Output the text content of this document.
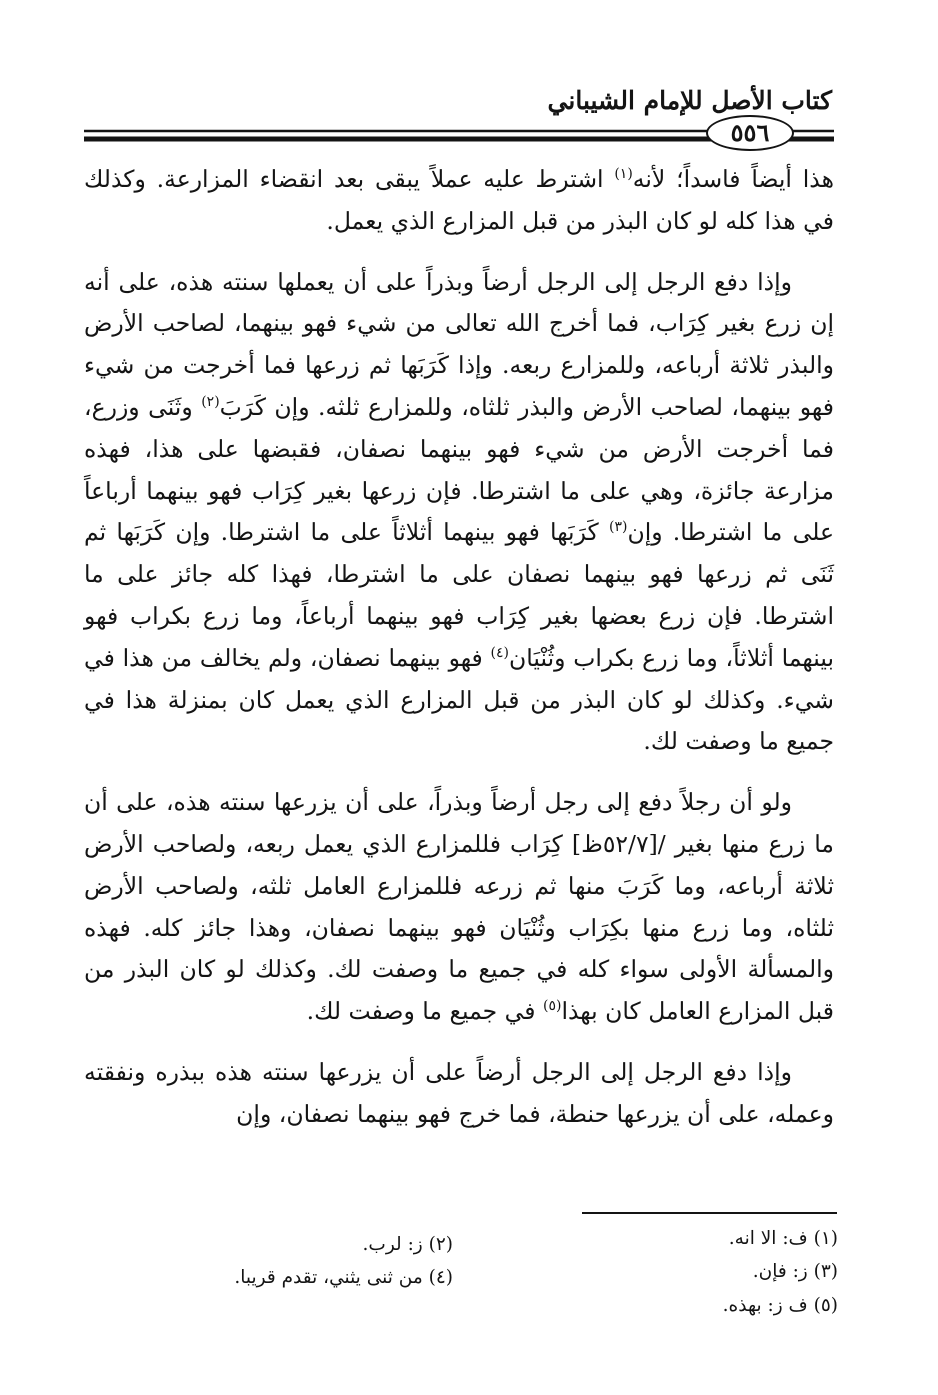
كتاب الأصل للإمام الشيباني
٥٥٦

هذا أيضاً فاسداً؛ لأنه$^{(١)}$ اشترط عليه عملاً يبقى بعد انقضاء المزارعة. وكذلك في هذا كله لو كان البذر من قبل المزارع الذي يعمل.

وإذا دفع الرجل إلى الرجل أرضاً وبذراً على أن يعملها سنته هذه، على أنه إن زرع بغير كِرَاب، فما أخرج الله تعالى من شيء فهو بينهما، لصاحب الأرض والبذر ثلاثة أرباعه، وللمزارع ربعه. وإذا كَرَبَها ثم زرعها فما أخرجت من شيء فهو بينهما، لصاحب الأرض والبذر ثلثاه، وللمزارع ثلثه. وإن كَرَبَ$^{(٢)}$ وثَنَى وزرع، فما أخرجت الأرض من شيء فهو بينهما نصفان، فقبضها على هذا، فهذه مزارعة جائزة، وهي على ما اشترطا. فإن زرعها بغير كِرَاب فهو بينهما أرباعاً على ما اشترطا. وإن$^{(٣)}$ كَرَبَها فهو بينهما أثلاثاً على ما اشترطا. وإن كَرَبَها ثم ثَنَى ثم زرعها فهو بينهما نصفان على ما اشترطا، فهذا كله جائز على ما اشترطا. فإن زرع بعضها بغير كِرَاب فهو بينهما أرباعاً، وما زرع بكراب فهو بينهما أثلاثاً، وما زرع بكراب وثُنْيَان$^{(٤)}$ فهو بينهما نصفان، ولم يخالف من هذا في شيء. وكذلك لو كان البذر من قبل المزارع الذي يعمل كان بمنزلة هذا في جميع ما وصفت لك.

ولو أن رجلاً دفع إلى رجل أرضاً وبذراً، على أن يزرعها سنته هذه، على أن ما زرع منها بغير /[٥٢/٧ظ] كِرَاب فللمزارع الذي يعمل ربعه، ولصاحب الأرض ثلاثة أرباعه، وما كَرَبَ منها ثم زرعه فللمزارع العامل ثلثه، ولصاحب الأرض ثلثاه، وما زرع منها بكِرَاب وثُنْيَان فهو بينهما نصفان، وهذا جائز كله. فهذه والمسألة الأولى سواء كله في جميع ما وصفت لك. وكذلك لو كان البذر من قبل المزارع العامل كان بهذا$^{(٥)}$ في جميع ما وصفت لك.

وإذا دفع الرجل إلى الرجل أرضاً على أن يزرعها سنته هذه ببذره ونفقته وعمله، على أن يزرعها حنطة، فما خرج فهو بينهما نصفان، وإن

(١) ف: الا انه.
(٢) ز: لرب.
(٣) ز: فإن.
(٤) من ثنى يثني، تقدم قريبا.
(٥) ف ز: بهذه.
